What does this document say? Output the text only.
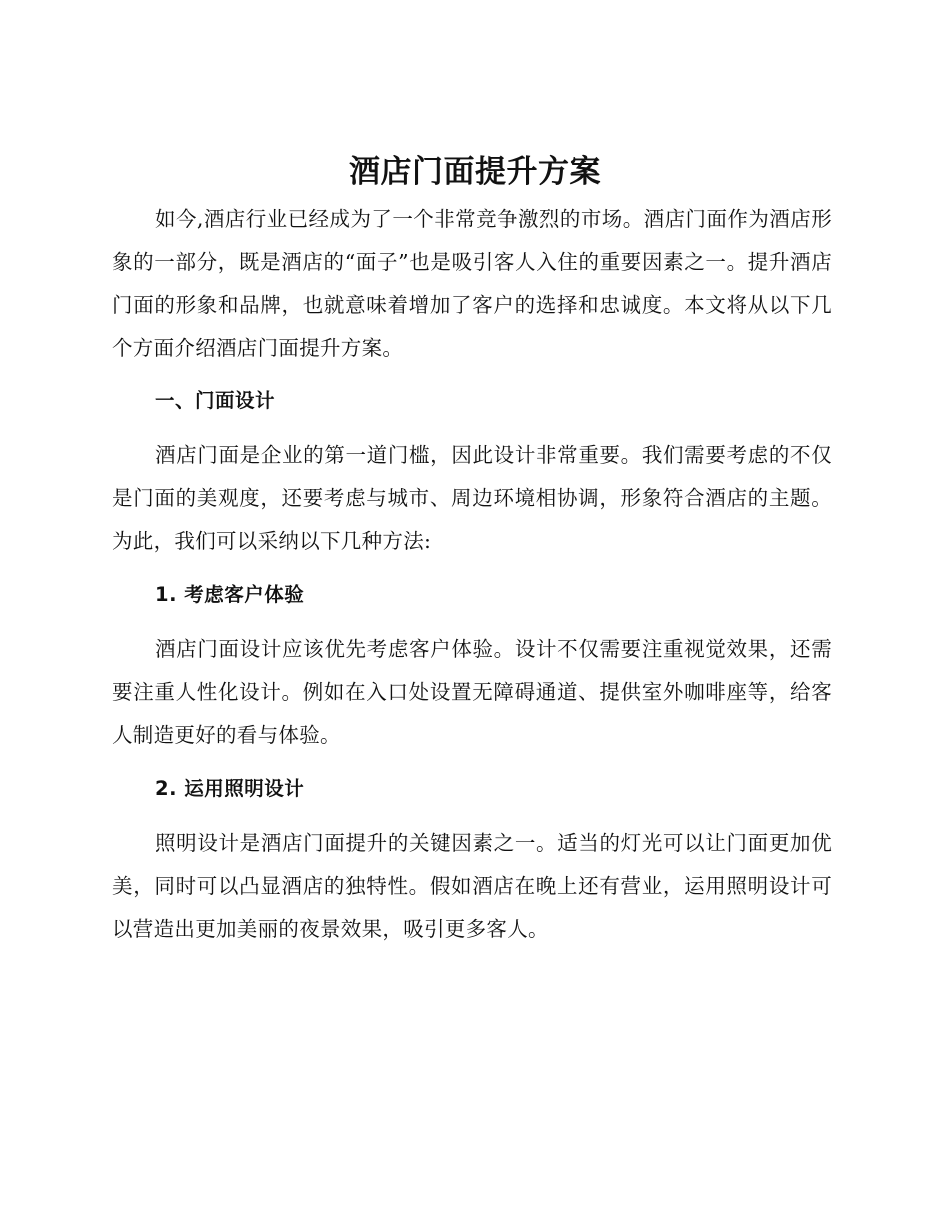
酒店门面提升方案

如今,酒店行业已经成为了一个非常竞争激烈的市场。酒店门面作为酒店形象的一部分，既是酒店的“面子”也是吸引客人入住的重要因素之一。提升酒店门面的形象和品牌，也就意味着增加了客户的选择和忠诚度。本文将从以下几个方面介绍酒店门面提升方案。

一、门面设计

酒店门面是企业的第一道门槛，因此设计非常重要。我们需要考虑的不仅是门面的美观度，还要考虑与城市、周边环境相协调，形象符合酒店的主题。为此，我们可以采纳以下几种方法:

1. 考虑客户体验

酒店门面设计应该优先考虑客户体验。设计不仅需要注重视觉效果，还需要注重人性化设计。例如在入口处设置无障碍通道、提供室外咖啡座等，给客人制造更好的看与体验。

2. 运用照明设计

照明设计是酒店门面提升的关键因素之一。适当的灯光可以让门面更加优美，同时可以凸显酒店的独特性。假如酒店在晚上还有营业，运用照明设计可以营造出更加美丽的夜景效果，吸引更多客人。
